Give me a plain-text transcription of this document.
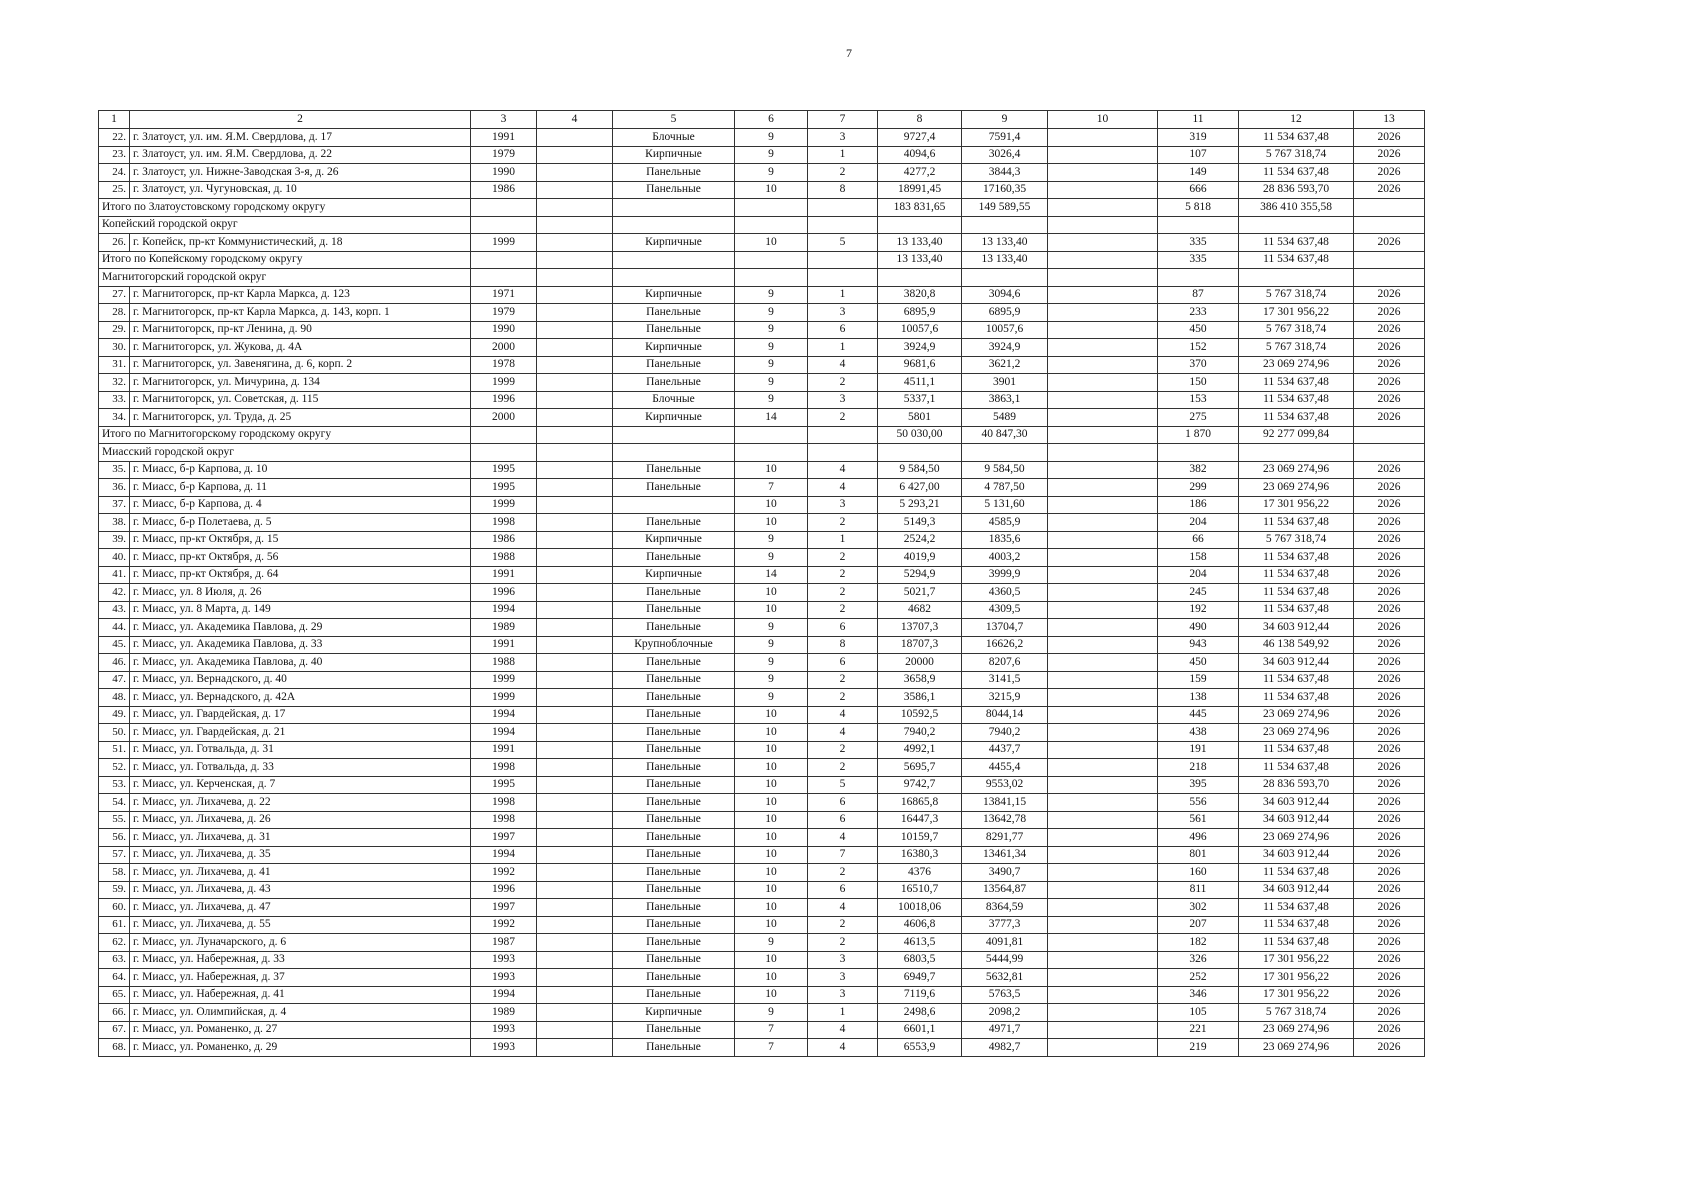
7
1	2	3	4	5	6	7	8	9	10	11	12	13
22.	г. Златоуст, ул. им. Я.М. Свердлова, д. 17	1991		Блочные	9	3	9727,4	7591,4		319	11 534 637,48	2026
23.	г. Златоуст, ул. им. Я.М. Свердлова, д. 22	1979		Кирпичные	9	1	4094,6	3026,4		107	5 767 318,74	2026
24.	г. Златоуст, ул. Нижне-Заводская 3-я, д. 26	1990		Панельные	9	2	4277,2	3844,3		149	11 534 637,48	2026
25.	г. Златоуст, ул. Чугуновская, д. 10	1986		Панельные	10	8	18991,45	17160,35		666	28 836 593,70	2026
Итого по Златоустовскому городскому округу							183 831,65	149 589,55		5 818	386 410 355,58	
Копейский городской округ												
26.	г. Копейск, пр-кт Коммунистический, д. 18	1999		Кирпичные	10	5	13 133,40	13 133,40		335	11 534 637,48	2026
Итого по Копейскому городскому округу							13 133,40	13 133,40		335	11 534 637,48	
Магнитогорский городской округ												
27.	г. Магнитогорск, пр-кт Карла Маркса, д. 123	1971		Кирпичные	9	1	3820,8	3094,6		87	5 767 318,74	2026
28.	г. Магнитогорск, пр-кт Карла Маркса, д. 143, корп. 1	1979		Панельные	9	3	6895,9	6895,9		233	17 301 956,22	2026
29.	г. Магнитогорск, пр-кт Ленина, д. 90	1990		Панельные	9	6	10057,6	10057,6		450	5 767 318,74	2026
30.	г. Магнитогорск, ул. Жукова, д. 4А	2000		Кирпичные	9	1	3924,9	3924,9		152	5 767 318,74	2026
31.	г. Магнитогорск, ул. Завенягина, д. 6, корп. 2	1978		Панельные	9	4	9681,6	3621,2		370	23 069 274,96	2026
32.	г. Магнитогорск, ул. Мичурина, д. 134	1999		Панельные	9	2	4511,1	3901		150	11 534 637,48	2026
33.	г. Магнитогорск, ул. Советская, д. 115	1996		Блочные	9	3	5337,1	3863,1		153	11 534 637,48	2026
34.	г. Магнитогорск, ул. Труда, д. 25	2000		Кирпичные	14	2	5801	5489		275	11 534 637,48	2026
Итого по Магнитогорскому городскому округу							50 030,00	40 847,30		1 870	92 277 099,84	
Миасский городской округ												
35.	г. Миасс, б-р Карпова, д. 10	1995		Панельные	10	4	9 584,50	9 584,50		382	23 069 274,96	2026
36.	г. Миасс, б-р Карпова, д. 11	1995		Панельные	7	4	6 427,00	4 787,50		299	23 069 274,96	2026
37.	г. Миасс, б-р Карпова, д. 4	1999			10	3	5 293,21	5 131,60		186	17 301 956,22	2026
38.	г. Миасс, б-р Полетаева, д. 5	1998		Панельные	10	2	5149,3	4585,9		204	11 534 637,48	2026
39.	г. Миасс, пр-кт Октября, д. 15	1986		Кирпичные	9	1	2524,2	1835,6		66	5 767 318,74	2026
40.	г. Миасс, пр-кт Октября, д. 56	1988		Панельные	9	2	4019,9	4003,2		158	11 534 637,48	2026
41.	г. Миасс, пр-кт Октября, д. 64	1991		Кирпичные	14	2	5294,9	3999,9		204	11 534 637,48	2026
42.	г. Миасс, ул. 8 Июля, д. 26	1996		Панельные	10	2	5021,7	4360,5		245	11 534 637,48	2026
43.	г. Миасс, ул. 8 Марта, д. 149	1994		Панельные	10	2	4682	4309,5		192	11 534 637,48	2026
44.	г. Миасс, ул. Академика Павлова, д. 29	1989		Панельные	9	6	13707,3	13704,7		490	34 603 912,44	2026
45.	г. Миасс, ул. Академика Павлова, д. 33	1991		Крупноблочные	9	8	18707,3	16626,2		943	46 138 549,92	2026
46.	г. Миасс, ул. Академика Павлова, д. 40	1988		Панельные	9	6	20000	8207,6		450	34 603 912,44	2026
47.	г. Миасс, ул. Вернадского, д. 40	1999		Панельные	9	2	3658,9	3141,5		159	11 534 637,48	2026
48.	г. Миасс, ул. Вернадского, д. 42А	1999		Панельные	9	2	3586,1	3215,9		138	11 534 637,48	2026
49.	г. Миасс, ул. Гвардейская, д. 17	1994		Панельные	10	4	10592,5	8044,14		445	23 069 274,96	2026
50.	г. Миасс, ул. Гвардейская, д. 21	1994		Панельные	10	4	7940,2	7940,2		438	23 069 274,96	2026
51.	г. Миасс, ул. Готвальда, д. 31	1991		Панельные	10	2	4992,1	4437,7		191	11 534 637,48	2026
52.	г. Миасс, ул. Готвальда, д. 33	1998		Панельные	10	2	5695,7	4455,4		218	11 534 637,48	2026
53.	г. Миасс, ул. Керченская, д. 7	1995		Панельные	10	5	9742,7	9553,02		395	28 836 593,70	2026
54.	г. Миасс, ул. Лихачева, д. 22	1998		Панельные	10	6	16865,8	13841,15		556	34 603 912,44	2026
55.	г. Миасс, ул. Лихачева, д. 26	1998		Панельные	10	6	16447,3	13642,78		561	34 603 912,44	2026
56.	г. Миасс, ул. Лихачева, д. 31	1997		Панельные	10	4	10159,7	8291,77		496	23 069 274,96	2026
57.	г. Миасс, ул. Лихачева, д. 35	1994		Панельные	10	7	16380,3	13461,34		801	34 603 912,44	2026
58.	г. Миасс, ул. Лихачева, д. 41	1992		Панельные	10	2	4376	3490,7		160	11 534 637,48	2026
59.	г. Миасс, ул. Лихачева, д. 43	1996		Панельные	10	6	16510,7	13564,87		811	34 603 912,44	2026
60.	г. Миасс, ул. Лихачева, д. 47	1997		Панельные	10	4	10018,06	8364,59		302	11 534 637,48	2026
61.	г. Миасс, ул. Лихачева, д. 55	1992		Панельные	10	2	4606,8	3777,3		207	11 534 637,48	2026
62.	г. Миасс, ул. Луначарского, д. 6	1987		Панельные	9	2	4613,5	4091,81		182	11 534 637,48	2026
63.	г. Миасс, ул. Набережная, д. 33	1993		Панельные	10	3	6803,5	5444,99		326	17 301 956,22	2026
64.	г. Миасс, ул. Набережная, д. 37	1993		Панельные	10	3	6949,7	5632,81		252	17 301 956,22	2026
65.	г. Миасс, ул. Набережная, д. 41	1994		Панельные	10	3	7119,6	5763,5		346	17 301 956,22	2026
66.	г. Миасс, ул. Олимпийская, д. 4	1989		Кирпичные	9	1	2498,6	2098,2		105	5 767 318,74	2026
67.	г. Миасс, ул. Романенко, д. 27	1993		Панельные	7	4	6601,1	4971,7		221	23 069 274,96	2026
68.	г. Миасс, ул. Романенко, д. 29	1993		Панельные	7	4	6553,9	4982,7		219	23 069 274,96	2026
